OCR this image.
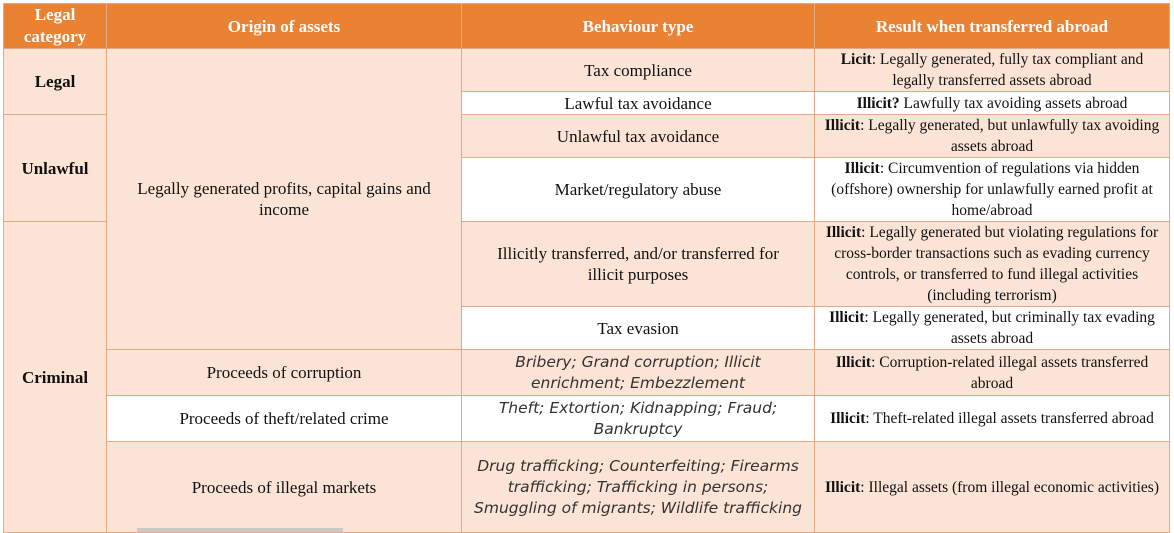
Legal category	Origin of assets	Behaviour type	Result when transferred abroad
Legal	Legally generated profits, capital gains and income	Tax compliance	Licit: Legally generated, fully tax compliant and legally transferred assets abroad
		Lawful tax avoidance	Illicit? Lawfully tax avoiding assets abroad
Unlawful		Unlawful tax avoidance	Illicit: Legally generated, but unlawfully tax avoiding assets abroad
		Market/regulatory abuse	Illicit: Circumvention of regulations via hidden (offshore) ownership for unlawfully earned profit at home/abroad
Criminal		Illicitly transferred, and/or transferred for illicit purposes	Illicit: Legally generated but violating regulations for cross-border transactions such as evading currency controls, or transferred to fund illegal activities (including terrorism)
		Tax evasion	Illicit: Legally generated, but criminally tax evading assets abroad
	Proceeds of corruption	Bribery; Grand corruption; Illicit enrichment; Embezzlement	Illicit: Corruption-related illegal assets transferred abroad
	Proceeds of theft/related crime	Theft; Extortion; Kidnapping; Fraud; Bankruptcy	Illicit: Theft-related illegal assets transferred abroad
	Proceeds of illegal markets	Drug trafficking; Counterfeiting; Firearms trafficking; Trafficking in persons; Smuggling of migrants; Wildlife trafficking	Illicit: Illegal assets (from illegal economic activities)
